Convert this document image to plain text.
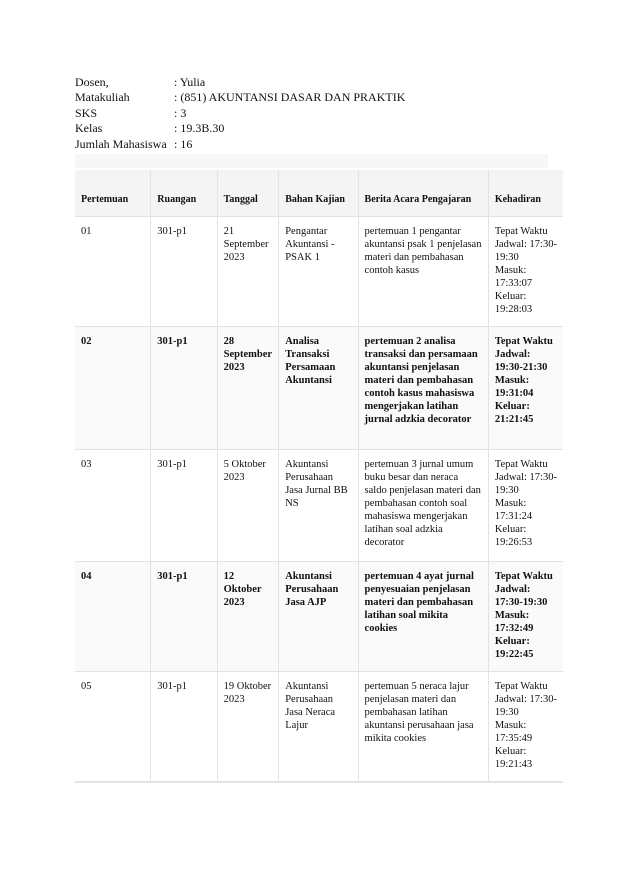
Dosen,	: Yulia
Matakuliah	: (851) AKUNTANSI DASAR DAN PRAKTIK
SKS	: 3
Kelas	: 19.3B.30
Jumlah Mahasiswa : 16
Pertemuan	Ruangan	Tanggal	Bahan Kajian	Berita Acara Pengajaran	Kehadiran
01	301-p1	21 September 2023	Pengantar Akuntansi - PSAK 1	pertemuan 1 pengantar akuntansi psak 1 penjelasan materi dan pembahasan contoh kasus	Tepat Waktu
Jadwal: 17:30-19:30
Masuk: 17:33:07
Keluar: 19:28:03

02	301-p1	28 September 2023	Analisa Transaksi Persamaan Akuntansi	pertemuan 2 analisa transaksi dan persamaan akuntansi penjelasan materi dan pembahasan contoh kasus mahasiswa mengerjakan latihan jurnal adzkia decorator	Tepat Waktu
Jadwal: 19:30-21:30
Masuk: 19:31:04
Keluar: 21:21:45

03	301-p1	5 Oktober 2023	Akuntansi Perusahaan Jasa Jurnal BB NS	pertemuan 3 jurnal umum buku besar dan neraca saldo penjelasan materi dan pembahasan contoh soal mahasiswa mengerjakan latihan soal adzkia decorator	Tepat Waktu
Jadwal: 17:30-19:30
Masuk: 17:31:24
Keluar: 19:26:53

04	301-p1	12 Oktober 2023	Akuntansi Perusahaan Jasa AJP	pertemuan 4 ayat jurnal penyesuaian penjelasan materi dan pembahasan latihan soal mikita cookies	Tepat Waktu
Jadwal: 17:30-19:30
Masuk: 17:32:49
Keluar: 19:22:45

05	301-p1	19 Oktober 2023	Akuntansi Perusahaan Jasa Neraca Lajur	pertemuan 5 neraca lajur penjelasan materi dan pembahasan latihan akuntansi perusahaan jasa mikita cookies	Tepat Waktu
Jadwal: 17:30-19:30
Masuk: 17:35:49
Keluar: 19:21:43
